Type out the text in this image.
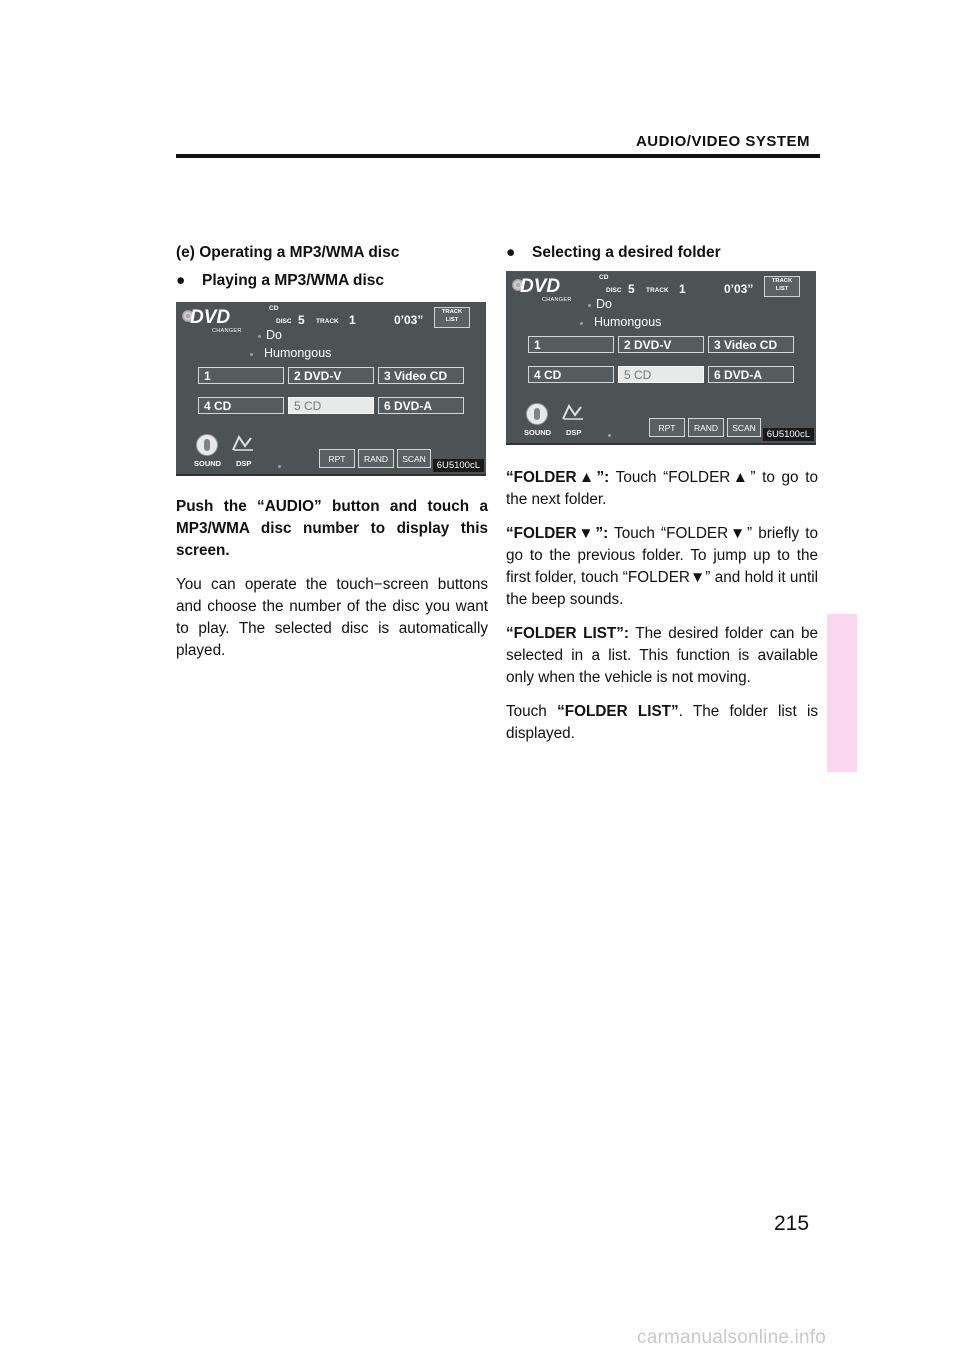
AUDIO/VIDEO SYSTEM
(e) Operating a MP3/WMA disc
●	Playing a MP3/WMA disc
DVD
CHANGER
CD
DISC 5 TRACK 1	0’03”
TRACK
LIST
Do
Humongous
1	2 DVD-V	3 Video CD
4 CD	5 CD	6 DVD-A
SOUND DSP	RPT	RAND	SCAN
6U5100cL
Push the “AUDIO” button and touch a MP3/WMA disc number to display this screen.
You can operate the touch−screen buttons and choose the number of the disc you want to play. The selected disc is automatically played.
●	Selecting a desired folder
DVD
CHANGER
CD
DISC 5 TRACK 1	0’03”
TRACK
LIST
Do
Humongous
1	2 DVD-V	3 Video CD
4 CD	5 CD	6 DVD-A
SOUND DSP	RPT	RAND	SCAN
6U5100cL
“FOLDER▲”: Touch “FOLDER▲” to go to the next folder.
“FOLDER▼”: Touch “FOLDER▼” briefly to go to the previous folder. To jump up to the first folder, touch “FOLDER▼” and hold it until the beep sounds.
“FOLDER LIST”: The desired folder can be selected in a list. This function is available only when the vehicle is not moving.
Touch “FOLDER LIST”. The folder list is displayed.
215
carmanualsonline.info
